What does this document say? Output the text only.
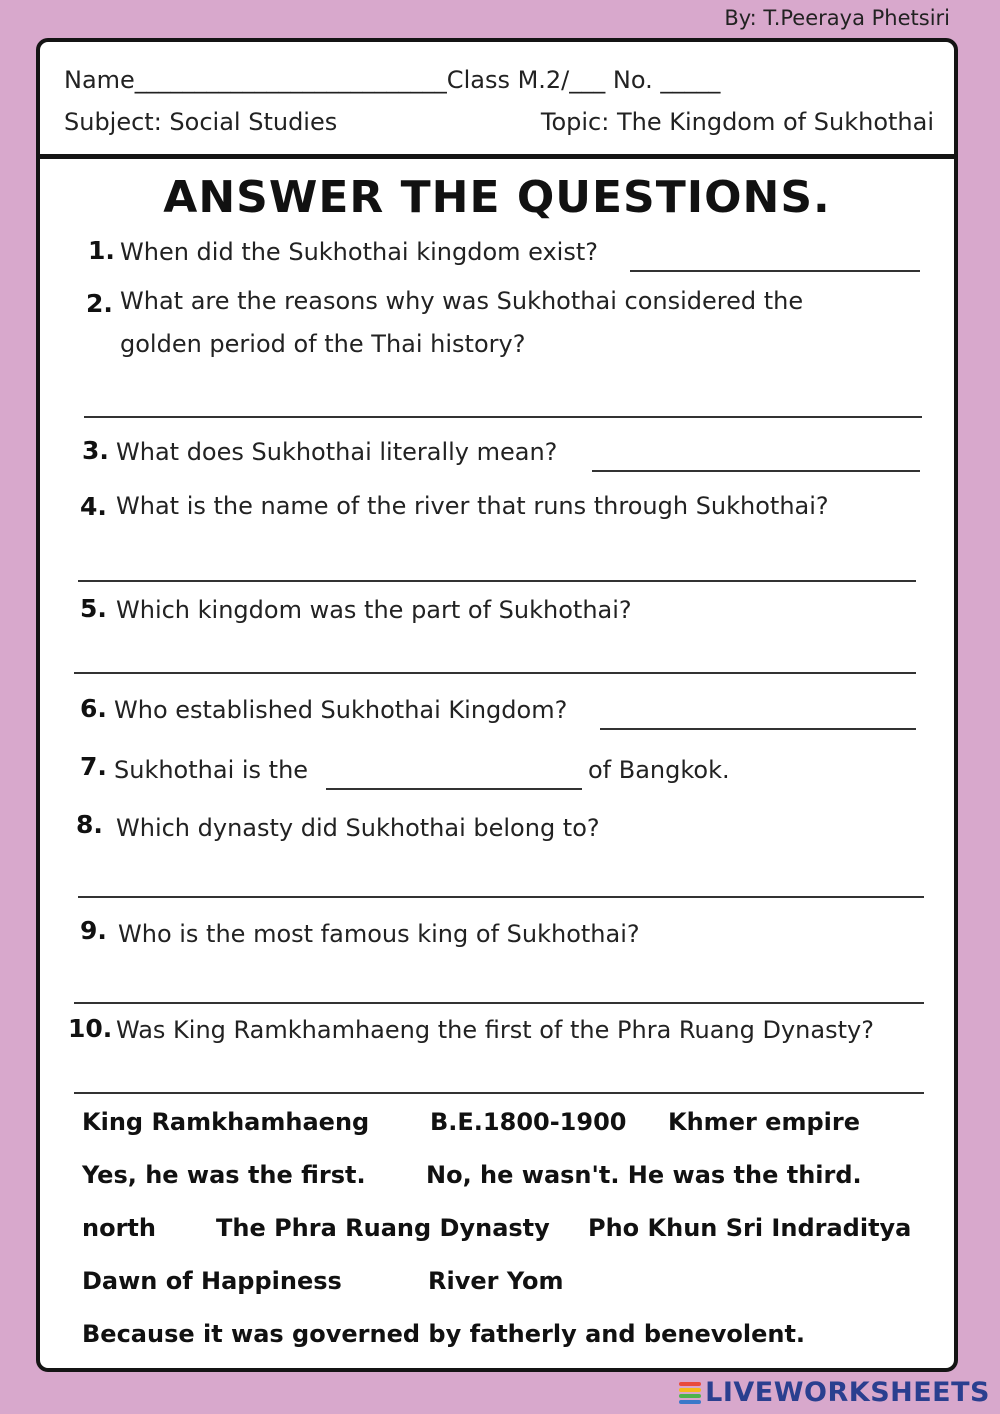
By: T.Peeraya Phetsiri
Name__________________________Class M.2/___ No. _____
Subject: Social Studies	Topic: The Kingdom of Sukhothai
ANSWER THE QUESTIONS.
1. When did the Sukhothai kingdom exist?
2. What are the reasons why was Sukhothai considered the golden period of the Thai history?
3. What does Sukhothai literally mean?
4. What is the name of the river that runs through Sukhothai?
5. Which kingdom was the part of Sukhothai?
6. Who established Sukhothai Kingdom?
7. Sukhothai is the	of Bangkok.
8. Which dynasty did Sukhothai belong to?
9. Who is the most famous king of Sukhothai?
10. Was King Ramkhamhaeng the first of the Phra Ruang Dynasty?
King Ramkhamhaeng	B.E.1800-1900 Khmer empire
Yes, he was the first.	No, he wasn't. He was the third.
north	The Phra Ruang Dynasty Pho Khun Sri Indraditya
Dawn of Happiness	River Yom
Because it was governed by fatherly and benevolent.
LIVEWORKSHEETS
